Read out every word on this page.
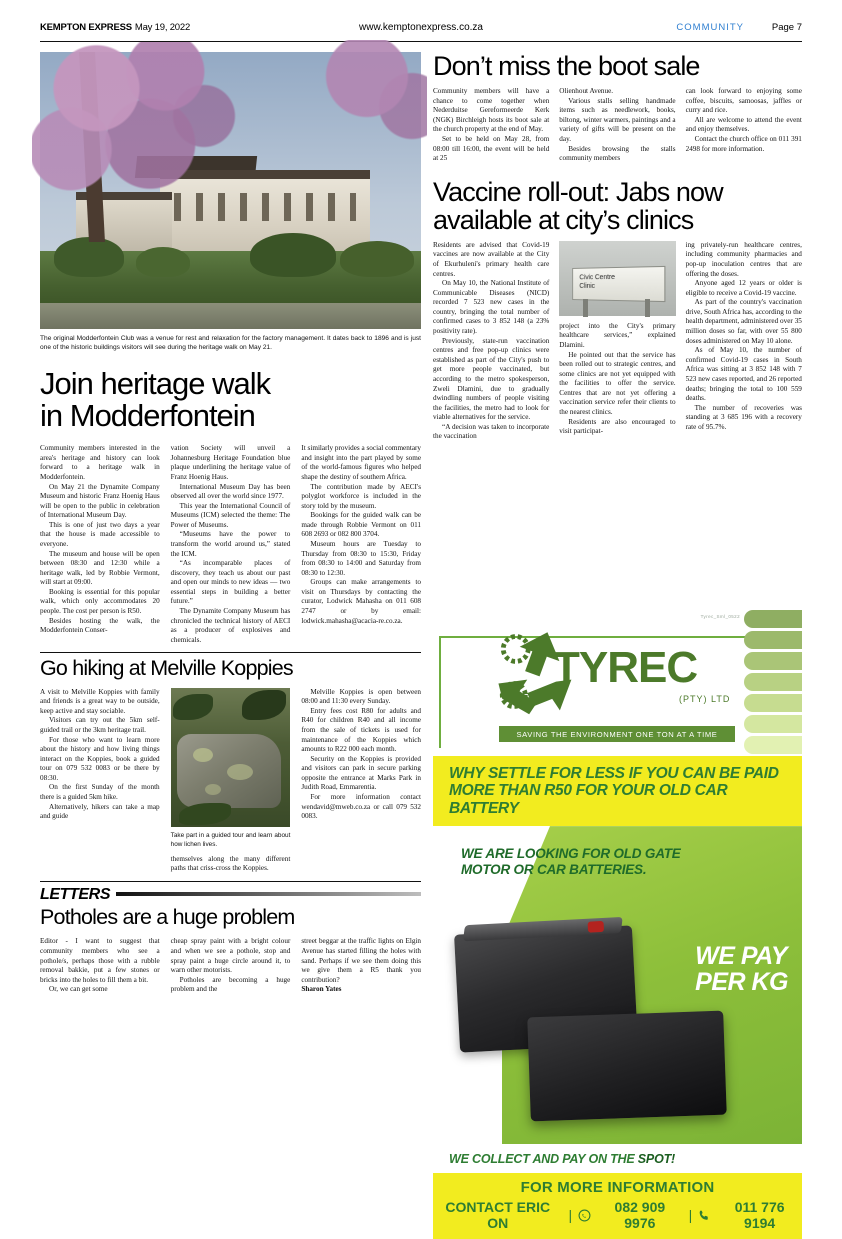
KEMPTON EXPRESS May 19, 2022	www.kemptonexpress.co.za	COMMUNITY	Page 7
The original Modderfontein Club was a venue for rest and relaxation for the factory management. It dates back to 1896 and is just one of the historic buildings visitors will see during the heritage walk on May 21.
Join heritage walk
in Modderfontein

Community members interested in the area's heritage and history can look forward to a heritage walk in Modderfontein.

On May 21 the Dynamite Company Museum and historic Franz Hoenig Haus will be open to the public in celebration of International Museum Day.

This is one of just two days a year that the house is made accessible to everyone.

The museum and house will be open between 08:30 and 12:30 while a heritage walk, led by Robbie Vermont, will start at 09:00.

Booking is essential for this popular walk, which only accommodates 20 people. The cost per person is R50.

Besides hosting the walk, the Modderfontein Conser-

vation Society will unveil a Johannesburg Heritage Foundation blue plaque underlining the heritage value of Franz Hoenig Haus.

International Museum Day has been observed all over the world since 1977.

This year the International Council of Museums (ICM) selected the theme: The Power of Museums.

“Museums have the power to transform the world around us,” stated the ICM.

“As incomparable places of discovery, they teach us about our past and open our minds to new ideas — two essential steps in building a better future.”

The Dynamite Company Museum has chronicled the technical history of AECI as a producer of explosives and chemicals.

It similarly provides a social commentary and insight into the part played by some of the world-famous figures who helped shape the destiny of southern Africa.

The contribution made by AECI's polyglot workforce is included in the story told by the museum.

Bookings for the guided walk can be made through Robbie Vermont on 011 608 2693 or 082 800 3704.

Museum hours are Tuesday to Thursday from 08:30 to 15:30, Friday from 08:30 to 14:00 and Saturday from 08:30 to 12:30.

Groups can make arrangements to visit on Thursdays by contacting the curator, Lodwick Mahasha on 011 608 2747 or by email: lodwick.mahasha@acacia-re.co.za.

Go hiking at Melville Koppies

A visit to Melville Koppies with family and friends is a great way to be outside, keep active and stay sociable.

Visitors can try out the 5km self-guided trail or the 3km heritage trail.

For those who want to learn more about the history and how living things interact on the Koppies, book a guided tour on 079 532 0083 or be there by 08:30.

On the first Sunday of the month there is a guided 5km hike.

Alternatively, hikers can take a map and guide

Take part in a guided tour and learn about how lichen lives.

themselves along the many different paths that criss-cross the Koppies.

Melville Koppies is open between 08:00 and 11:30 every Sunday.

Entry fees cost R80 for adults and R40 for children R40 and all income from the sale of tickets is used for maintenance of the Koppies which amounts to R22 000 each month.

Security on the Koppies is provided and visitors can park in secure parking opposite the entrance at Marks Park in Judith Road, Emmarentia.

For more information contact wendavid@mweb.co.za or call 079 532 0083.

LETTERS
Potholes are a huge problem

Editor - I want to suggest that community members who see a pothole/s, perhaps those with a rubble removal bakkie, put a few stones or bricks into the holes to fill them a bit.

Or, we can get some

cheap spray paint with a bright colour and when we see a pothole, stop and spray paint a huge circle around it, to warn other motorists.

Potholes are becoming a huge problem and the

street beggar at the traffic lights on Elgin Avenue has started filling the holes with sand. Perhaps if we see them doing this we give them a R5 thank you contribution?

Sharon Yates

Don’t miss the boot sale

Community members will have a chance to come together when Nederduitse Gereformeerde Kerk (NGK) Birchleigh hosts its boot sale at the church property at the end of May.

Set to be held on May 28, from 08:00 till 16:00, the event will be held at 25

Olienhout Avenue.

Various stalls selling handmade items such as needlework, books, biltong, winter warmers, paintings and a variety of gifts will be present on the day.

Besides browsing the stalls community members

can look forward to enjoying some coffee, biscuits, samoosas, jaffles or curry and rice.

All are welcome to attend the event and enjoy themselves.

Contact the church office on 011 391 2498 for more information.

Vaccine roll-out: Jabs now
available at city’s clinics

Residents are advised that Covid-19 vaccines are now available at the City of Ekurhuleni's primary health care centres.

On May 10, the National Institute of Communicable Diseases (NICD) recorded 7 523 new cases in the country, bringing the total number of confirmed cases to 3 852 148 (a 23% positivity rate).

Previously, state-run vaccination centres and free pop-up clinics were established as part of the City's push to get more people vaccinated, but according to the metro spokesperson, Zweli Dlamini, due to gradually dwindling numbers of people visiting the facilities, the metro had to look for viable alternatives for the service.

“A decision was taken to incorporate the vaccination

Civic Centre
Clinic

project into the City's primary healthcare services,” explained Dlamini.

He pointed out that the service has been rolled out to strategic centres, and some clinics are not yet equipped with the facilities to offer the service. Centres that are not yet offering a vaccination service refer their clients to the nearest clinics.

Residents are also encouraged to visit participat-

ing privately-run healthcare centres, including community pharmacies and pop-up inoculation centres that are offering the doses.

Anyone aged 12 years or older is eligible to receive a Covid-19 vaccine.

As part of the country's vaccination drive, South Africa has, according to the health department, administered over 35 million doses so far, with over 55 800 doses administered on May 10 alone.

As of May 10, the number of confirmed Covid-19 cases in South Africa was sitting at 3 852 148 with 7 523 new cases reported, and 26 reported deaths; bringing the total to 100 559 deaths.

The number of recoveries was standing at 3 685 196 with a recovery rate of 95.7%.

Tyrec_Sml_0522
TYREC
(PTY) LTD
SAVING THE ENVIRONMENT ONE TON AT A TIME
WHY SETTLE FOR LESS IF YOU CAN BE PAID
MORE THAN R50 FOR YOUR OLD CAR BATTERY
WE ARE LOOKING FOR OLD GATE
MOTOR OR CAR BATTERIES.
WE PAY
PER KG
WE COLLECT AND PAY ON THE SPOT!
FOR MORE INFORMATION
CONTACT ERIC ON	|	082 909 9976	|	011 776 9194
